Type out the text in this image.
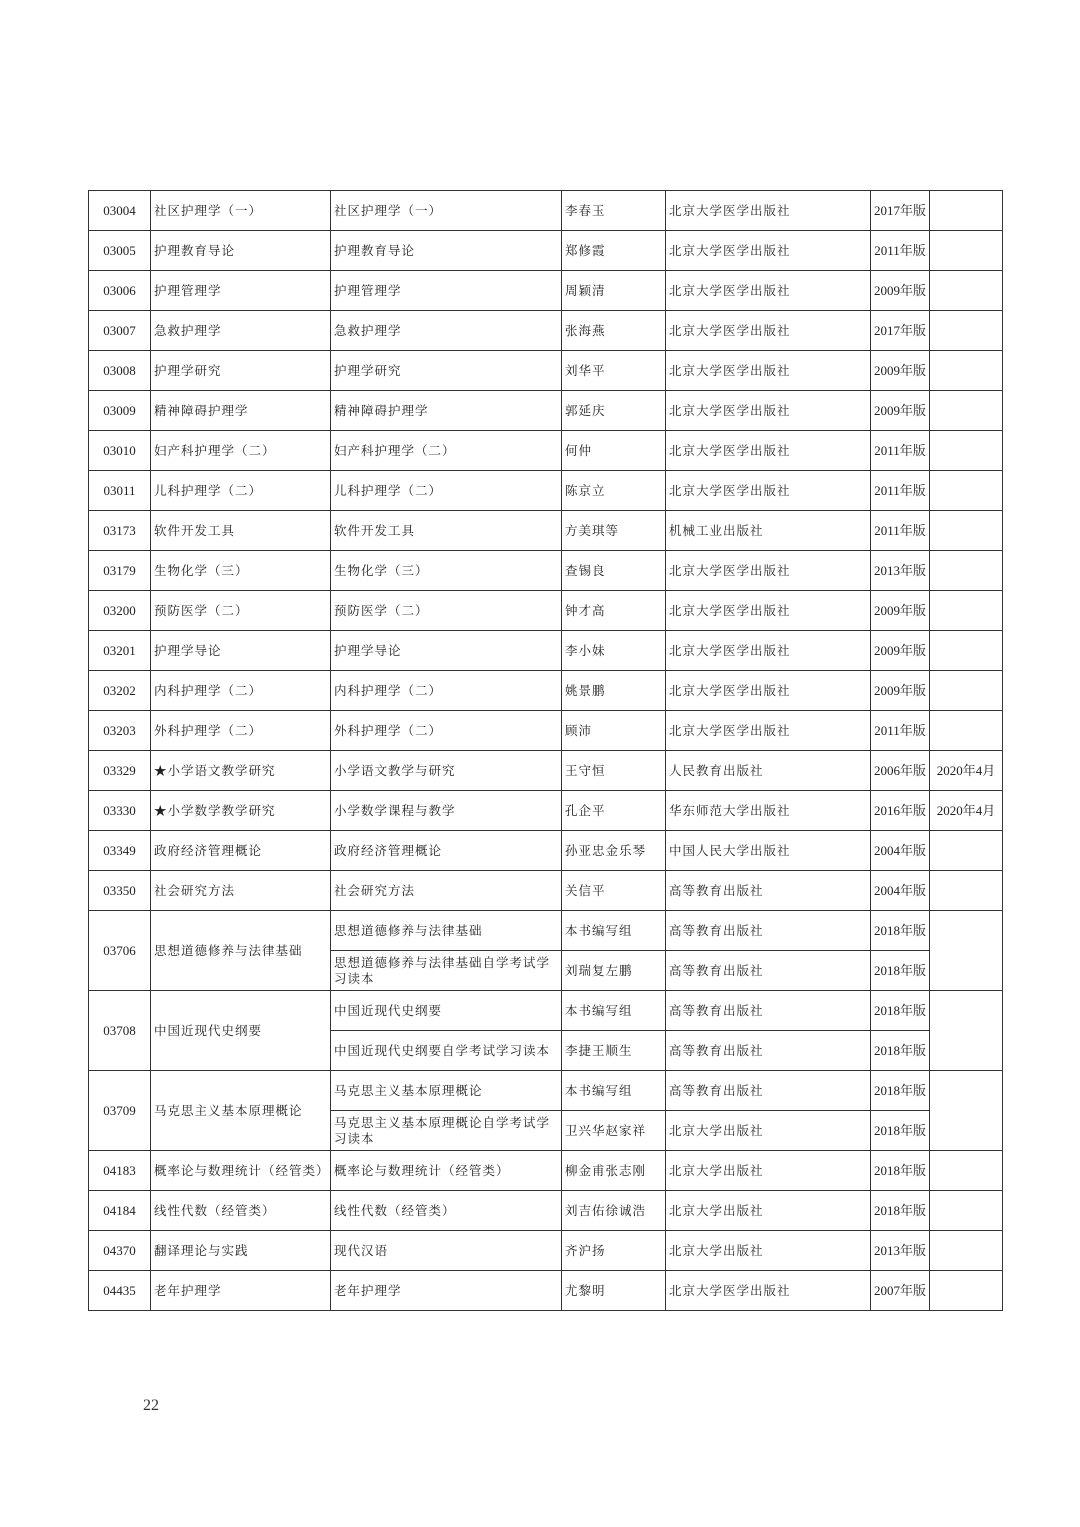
03004	社区护理学（一）	社区护理学（一）	李春玉	北京大学医学出版社	2017年版	
03005	护理教育导论	护理教育导论	郑修霞	北京大学医学出版社	2011年版	
03006	护理管理学	护理管理学	周颖清	北京大学医学出版社	2009年版	
03007	急救护理学	急救护理学	张海燕	北京大学医学出版社	2017年版	
03008	护理学研究	护理学研究	刘华平	北京大学医学出版社	2009年版	
03009	精神障碍护理学	精神障碍护理学	郭延庆	北京大学医学出版社	2009年版	
03010	妇产科护理学（二）	妇产科护理学（二）	何仲	北京大学医学出版社	2011年版	
03011	儿科护理学（二）	儿科护理学（二）	陈京立	北京大学医学出版社	2011年版	
03173	软件开发工具	软件开发工具	方美琪等	机械工业出版社	2011年版	
03179	生物化学（三）	生物化学（三）	查锡良	北京大学医学出版社	2013年版	
03200	预防医学（二）	预防医学（二）	钟才高	北京大学医学出版社	2009年版	
03201	护理学导论	护理学导论	李小妹	北京大学医学出版社	2009年版	
03202	内科护理学（二）	内科护理学（二）	姚景鹏	北京大学医学出版社	2009年版	
03203	外科护理学（二）	外科护理学（二）	顾沛	北京大学医学出版社	2011年版	
03329	★小学语文教学研究	小学语文教学与研究	王守恒	人民教育出版社	2006年版	2020年4月
03330	★小学数学教学研究	小学数学课程与教学	孔企平	华东师范大学出版社	2016年版	2020年4月
03349	政府经济管理概论	政府经济管理概论	孙亚忠金乐琴	中国人民大学出版社	2004年版	
03350	社会研究方法	社会研究方法	关信平	高等教育出版社	2004年版	
03706	思想道德修养与法律基础	思想道德修养与法律基础	本书编写组	高等教育出版社	2018年版	
		思想道德修养与法律基础自学考试学习读本	刘瑞复左鹏	高等教育出版社	2018年版	
03708	中国近现代史纲要	中国近现代史纲要	本书编写组	高等教育出版社	2018年版	
		中国近现代史纲要自学考试学习读本	李捷王顺生	高等教育出版社	2018年版	
03709	马克思主义基本原理概论	马克思主义基本原理概论	本书编写组	高等教育出版社	2018年版	
		马克思主义基本原理概论自学考试学习读本	卫兴华赵家祥	北京大学出版社	2018年版	
04183	概率论与数理统计（经管类）	概率论与数理统计（经管类）	柳金甫张志刚	北京大学出版社	2018年版	
04184	线性代数（经管类）	线性代数（经管类）	刘吉佑徐诚浩	北京大学出版社	2018年版	
04370	翻译理论与实践	现代汉语	齐沪扬	北京大学出版社	2013年版	
04435	老年护理学	老年护理学	尤黎明	北京大学医学出版社	2007年版	
22
